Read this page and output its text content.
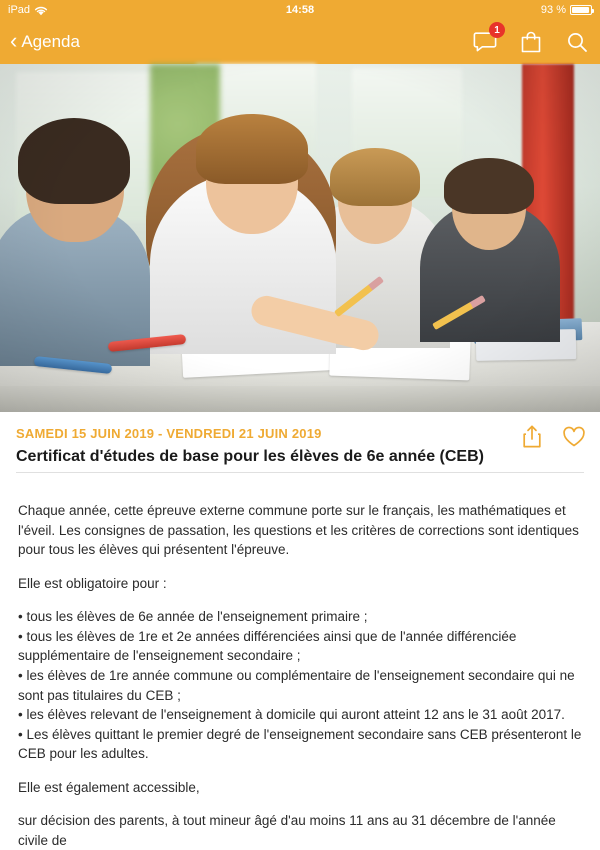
iPad	14:58	93 %
‹ Agenda
1
SAMEDI 15 JUIN 2019 - VENDREDI 21 JUIN 2019
Certificat d'études de base pour les élèves de 6e année (CEB)

Chaque année, cette épreuve externe commune porte sur le français, les mathématiques et l'éveil. Les consignes de passation, les questions et les critères de corrections sont identiques pour tous les élèves qui présentent l'épreuve.

Elle est obligatoire pour :

• tous les élèves de 6e année de l'enseignement primaire ;

• tous les élèves de 1re et 2e années différenciées ainsi que de l'année différenciée supplémentaire de l'enseignement secondaire ;

• les élèves de 1re année commune ou complémentaire de l'enseignement secondaire qui ne sont pas titulaires du CEB ;

• les élèves relevant de l'enseignement à domicile qui auront atteint 12 ans le 31 août 2017.

• Les élèves quittant le premier degré de l'enseignement secondaire sans CEB présenteront le CEB pour les adultes.

Elle est également accessible,

sur décision des parents, à tout mineur âgé d'au moins 11 ans au 31 décembre de l'année civile de
